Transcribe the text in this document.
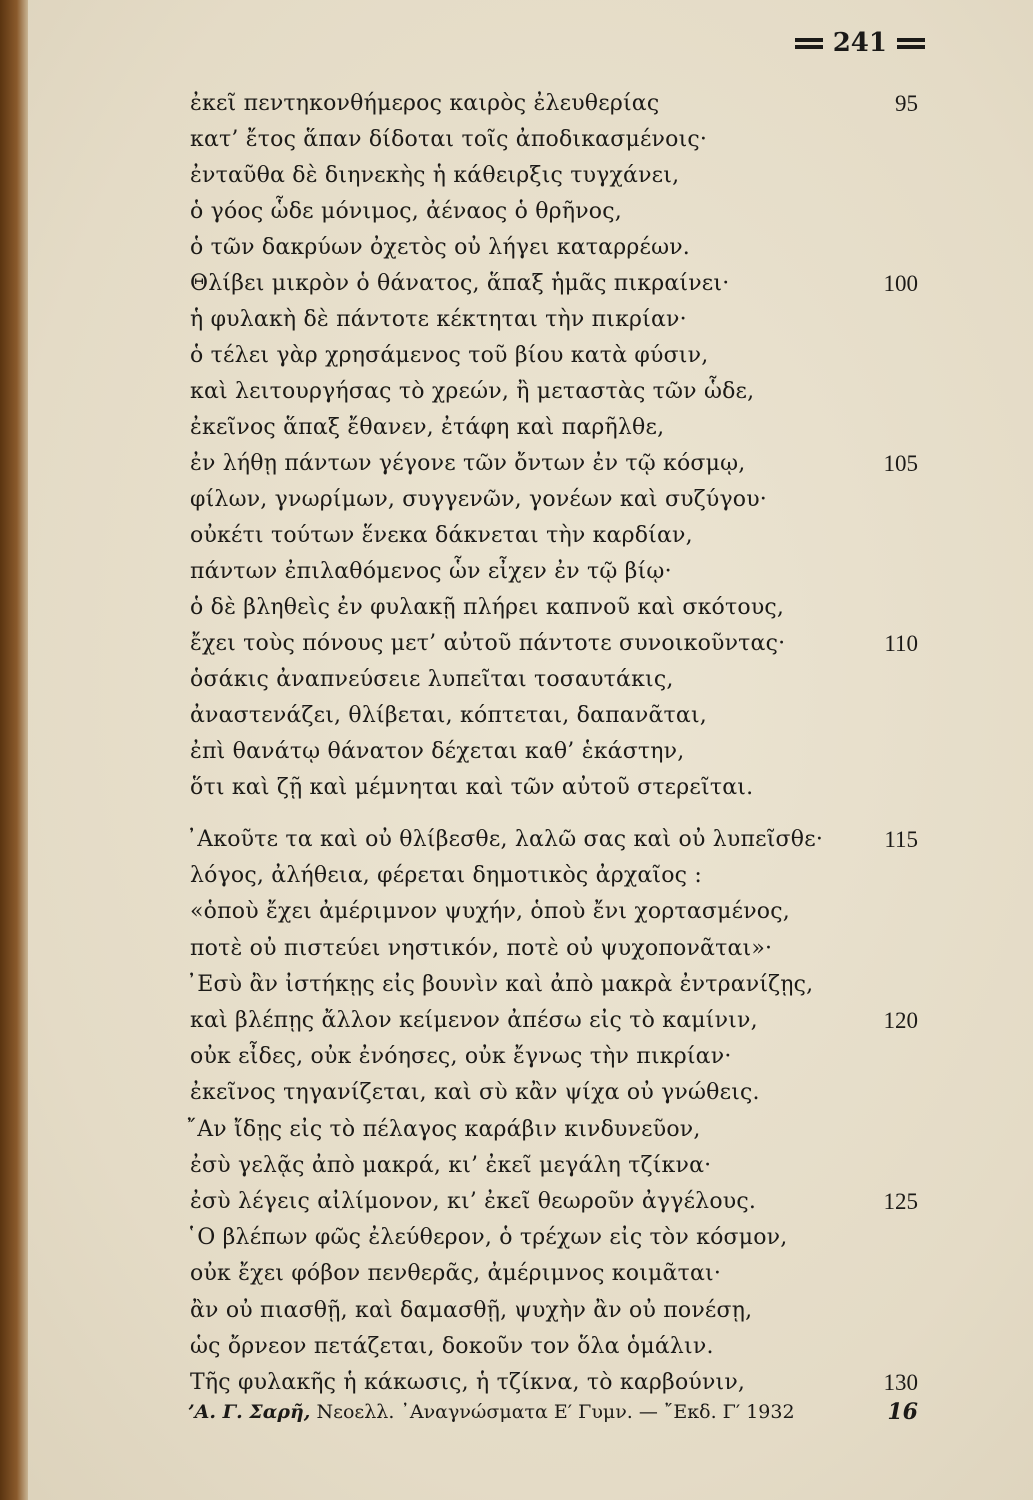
241
ἐκεῖ πεντηκονθήμερος καιρὸς ἐλευθερίας	95
κατ’ ἔτος ἅπαν δίδοται τοῖς ἀποδικασμένοις·
ἐνταῦθα δὲ διηνεκὴς ἡ κάθειρξις τυγχάνει,
ὁ γόος ὧδε μόνιμος, ἀέναος ὁ θρῆνος,
ὁ τῶν δακρύων ὀχετὸς οὐ λήγει καταρρέων.
Θλίβει μικρὸν ὁ θάνατος, ἅπαξ ἡμᾶς πικραίνει·	100
ἡ φυλακὴ δὲ πάντοτε κέκτηται τὴν πικρίαν·
ὁ τέλει γὰρ χρησάμενος τοῦ βίου κατὰ φύσιν,
καὶ λειτουργήσας τὸ χρεών, ἢ μεταστὰς τῶν ὧδε,
ἐκεῖνος ἅπαξ ἔθανεν, ἐτάφη καὶ παρῆλθε,
ἐν λήθῃ πάντων γέγονε τῶν ὄντων ἐν τῷ κόσμῳ,	105
φίλων, γνωρίμων, συγγενῶν, γονέων καὶ συζύγου·
οὐκέτι τούτων ἕνεκα δάκνεται τὴν καρδίαν,
πάντων ἐπιλαθόμενος ὧν εἶχεν ἐν τῷ βίῳ·
ὁ δὲ βληθεὶς ἐν φυλακῇ πλήρει καπνοῦ καὶ σκότους,
ἔχει τοὺς πόνους μετ’ αὐτοῦ πάντοτε συνοικοῦντας·	110
ὁσάκις ἀναπνεύσειε λυπεῖται τοσαυτάκις,
ἀναστενάζει, θλίβεται, κόπτεται, δαπανᾶται,
ἐπὶ θανάτῳ θάνατον δέχεται καθ’ ἑκάστην,
ὅτι καὶ ζῇ καὶ μέμνηται καὶ τῶν αὐτοῦ στερεῖται.
᾿Ακοῦτε τα καὶ οὐ θλίβεσθε, λαλῶ σας καὶ οὐ λυπεῖσθε·	115
λόγος, ἀλήθεια, φέρεται δημοτικὸς ἀρχαῖος :
«ὁποὺ ἔχει ἀμέριμνον ψυχήν, ὁποὺ ἔνι χορτασμένος,
ποτὲ οὐ πιστεύει νηστικόν, ποτὲ οὐ ψυχοπονᾶται»·
᾿Εσὺ ἂν ἰστήκῃς εἰς βουνὶν καὶ ἀπὸ μακρὰ ἐντρανίζῃς,
καὶ βλέπῃς ἄλλον κείμενον ἀπέσω εἰς τὸ καμίνιν,	120
οὐκ εἶδες, οὐκ ἐνόησες, οὐκ ἔγνως τὴν πικρίαν·
ἐκεῖνος τηγανίζεται, καὶ σὺ κἂν ψίχα οὐ γνώθεις.
῎Αν ἴδῃς εἰς τὸ πέλαγος καράβιν κινδυνεῦον,
ἐσὺ γελᾷς ἀπὸ μακρά, κι’ ἐκεῖ μεγάλη τζίκνα·
ἐσὺ λέγεις αἰλίμονον, κι’ ἐκεῖ θεωροῦν ἀγγέλους.	125
῾Ο βλέπων φῶς ἐλεύθερον, ὁ τρέχων εἰς τὸν κόσμον,
οὐκ ἔχει φόβον πενθερᾶς, ἀμέριμνος κοιμᾶται·
ἂν οὐ πιασθῇ, καὶ δαμασθῇ, ψυχὴν ἂν οὐ πονέσῃ,
ὡς ὄρνεον πετάζεται, δοκοῦν τον ὅλα ὁμάλιν.
Τῆς φυλακῆς ἡ κάκωσις, ἡ τζίκνα, τὸ καρβούνιν,	130
’Α. Γ. Σαρῆ, Νεοελλ. ᾿Αναγνώσματα Ε′ Γυμν. — ῎Εκδ. Γ′ 1932	16
